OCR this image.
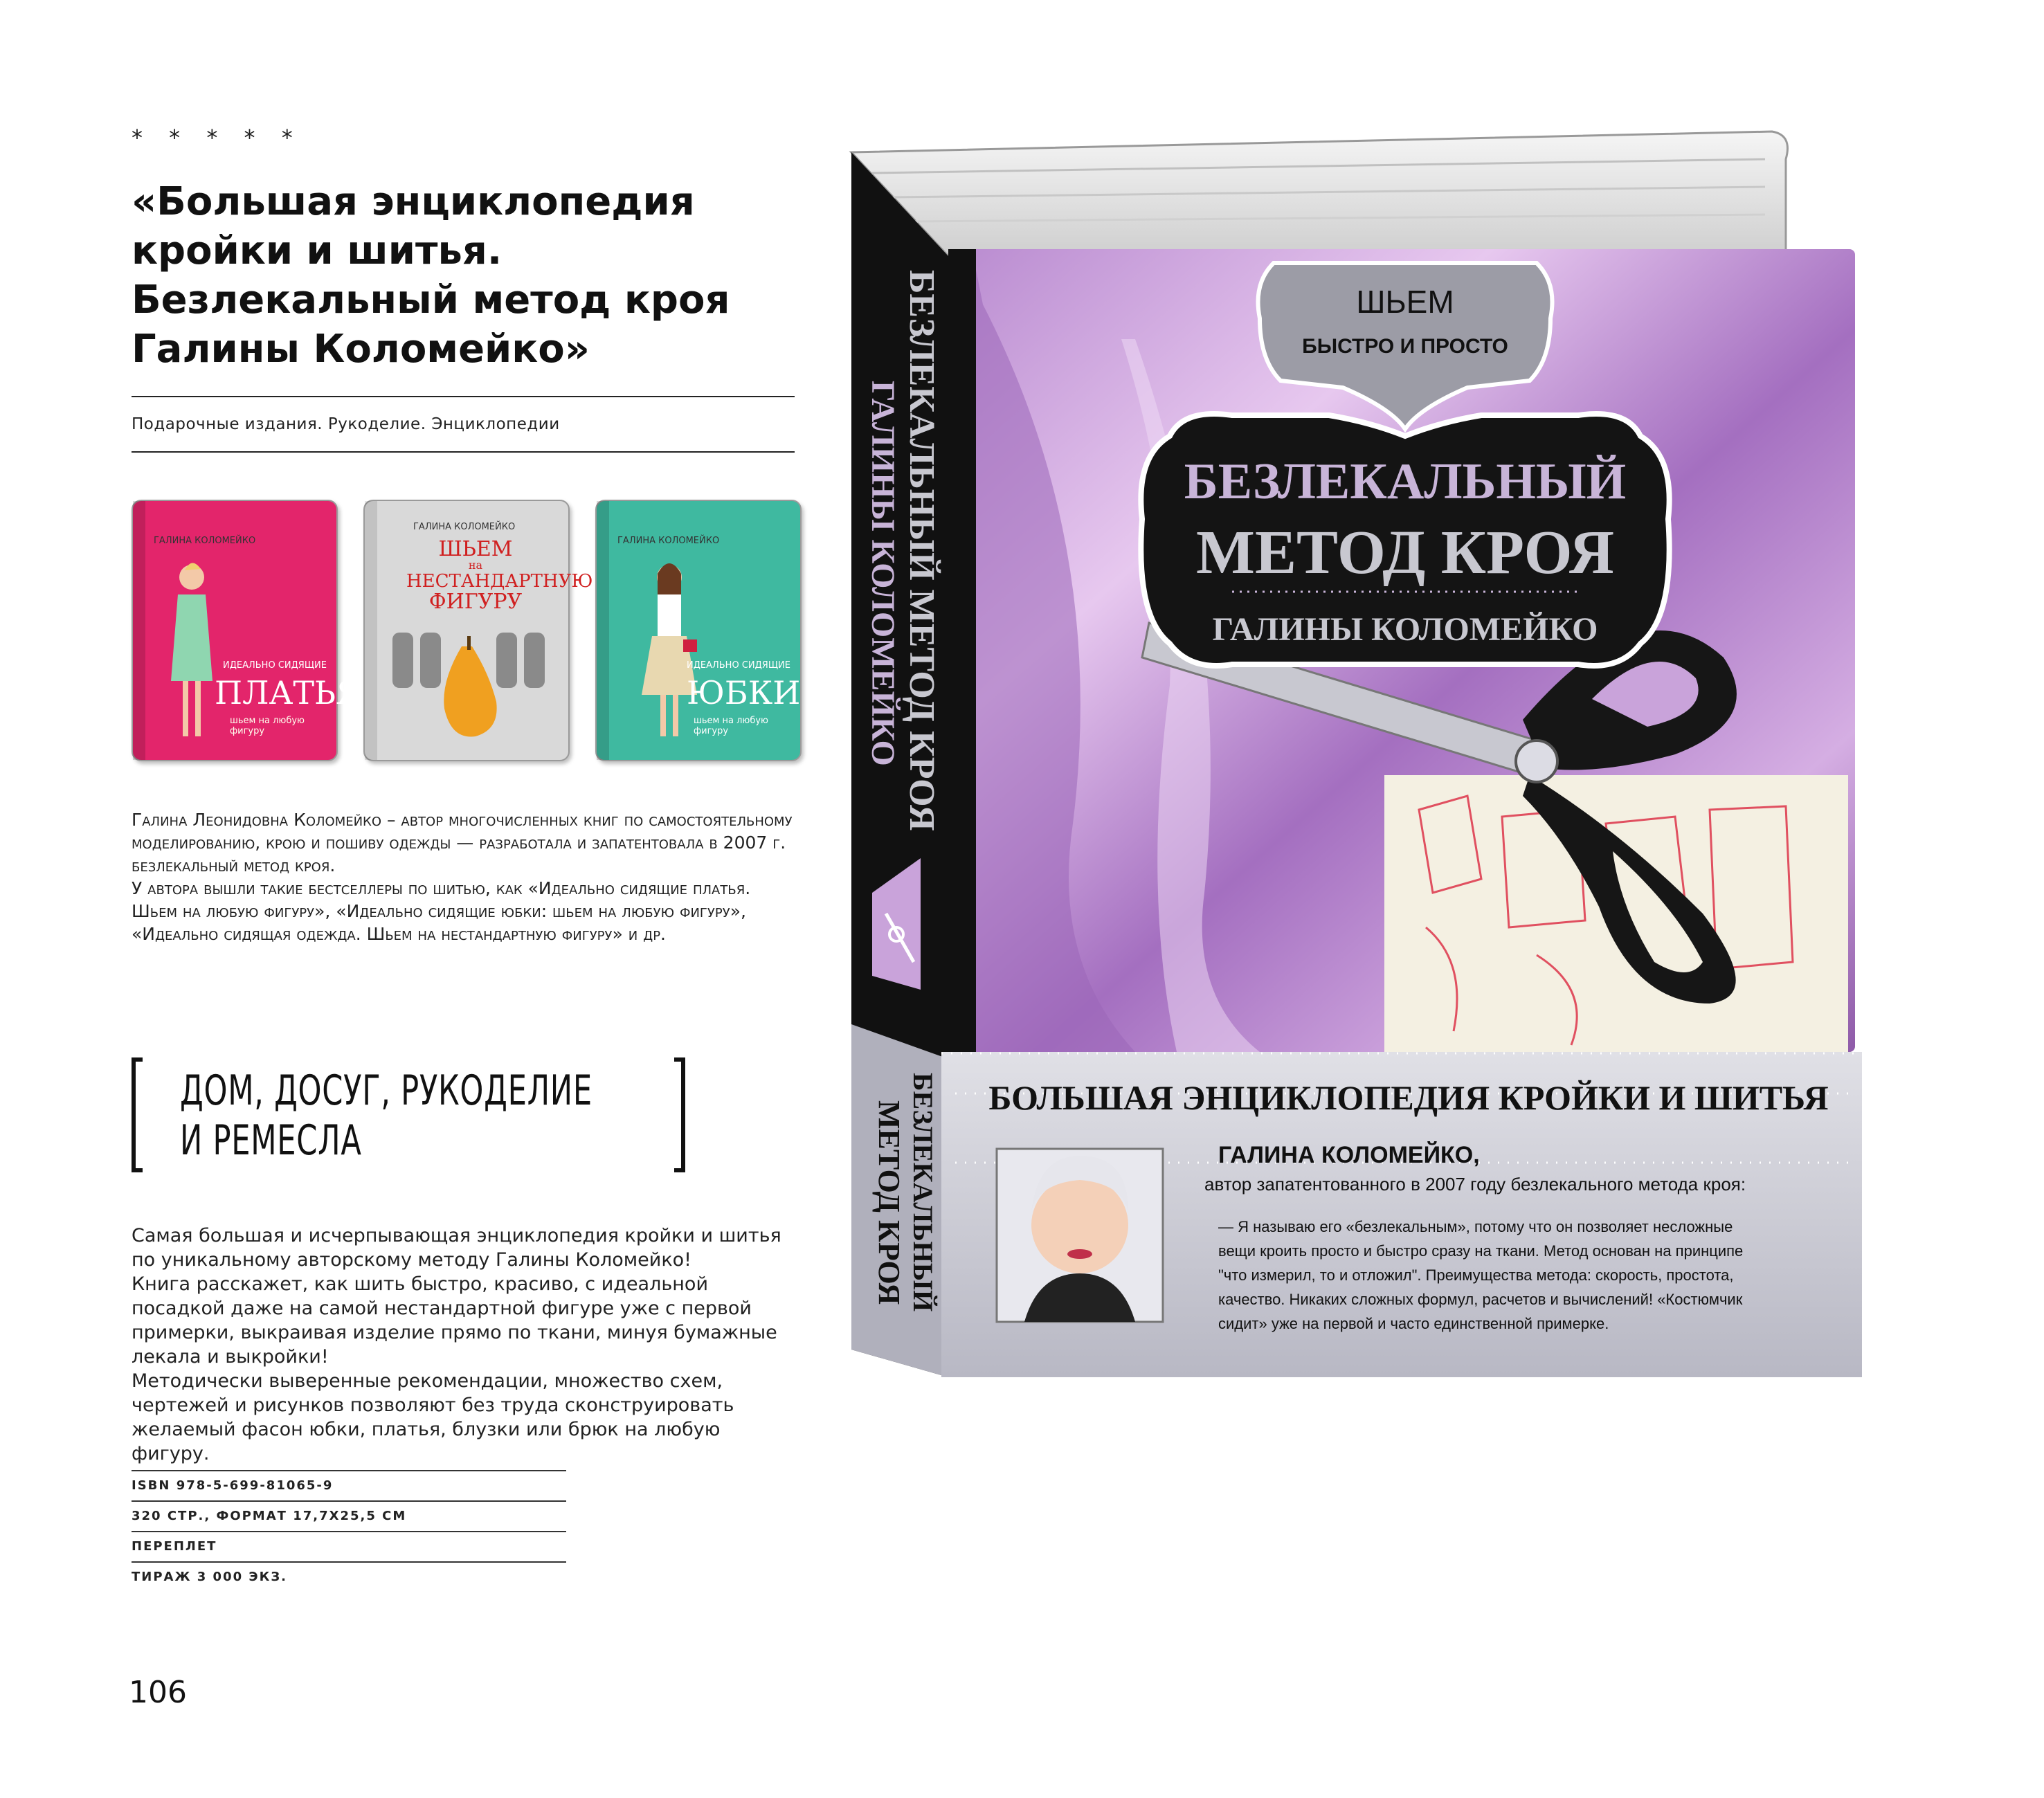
* * * * *
«Большая энциклопедия
кройки и шитья.
Безлекальный метод кроя
Галины Коломейко»
Подарочные издания. Рукоделие. Энциклопедии
ГАЛИНА КОЛОМЕЙКО
ИДЕАЛЬНО СИДЯЩИЕ
ПЛАТЬЯ
шьем на любую фигуру
ГАЛИНА КОЛОМЕЙКО
ШЬЕМ
на
НЕСТАНДАРТНУЮ
ФИГУРУ
ГАЛИНА КОЛОМЕЙКО
ИДЕАЛЬНО СИДЯЩИЕ
ЮБКИ
шьем на любую фигуру

Галина Леонидовна Коломейко – автор многочисленных книг по самостоятельному моделированию, крою и пошиву одежды — разработала и запатентовала в 2007 г. безлекальный метод кроя.

У автора вышли такие бестселлеры по шитью, как «Идеально сидящие платья. Шьем на любую фигуру», «Идеально сидящие юбки: шьем на любую фигуру», «Идеально сидящая одежда. Шьем на нестандартную фигуру» и др.

ДОМ, ДОСУГ, РУКОДЕЛИЕ
И РЕМЕСЛА

Самая большая и исчерпывающая энциклопедия кройки и шитья по уникальному авторскому методу Галины Коломейко!

Книга расскажет, как шить быстро, красиво, с идеальной посадкой даже на самой нестандартной фигуре уже с первой примерки, выкраивая изделие прямо по ткани, минуя бумажные лекала и выкройки!

Методически выверенные рекомендации, множество схем, чертежей и рисунков позволяют без труда сконструировать желаемый фасон юбки, платья, блузки или брюк на любую фигуру.

ISBN 978-5-699-81065-9
320 СТР., ФОРМАТ 17,7Х25,5 СМ
ПЕРЕПЛЕТ
ТИРАЖ 3 000 ЭКЗ.
106
ШЬЕМ
БЫСТРО И ПРОСТО
БЕЗЛЕКАЛЬНЫЙ
МЕТОД КРОЯ
ГАЛИНЫ КОЛОМЕЙКО
БОЛЬШАЯ ЭНЦИКЛОПЕДИЯ КРОЙКИ И ШИТЬЯ
ГАЛИНА КОЛОМЕЙКО,
автор запатентованного в 2007 году безлекального метода кроя:
— Я называю его «безлекальным», потому что он позволяет несложные
вещи кроить просто и быстро сразу на ткани. Метод основан на принципе
"что измерил, то и отложил". Преимущества метода: скорость, простота,
качество. Никаких сложных формул, расчетов и вычислений! «Костюмчик
сидит» уже на первой и часто единственной примерке.
БЕЗЛЕКАЛЬНЫЙ МЕТОД КРОЯ
ГАЛИНЫ КОЛОМЕЙКО
БЕЗЛЕКАЛЬНЫЙ
МЕТОД КРОЯ
